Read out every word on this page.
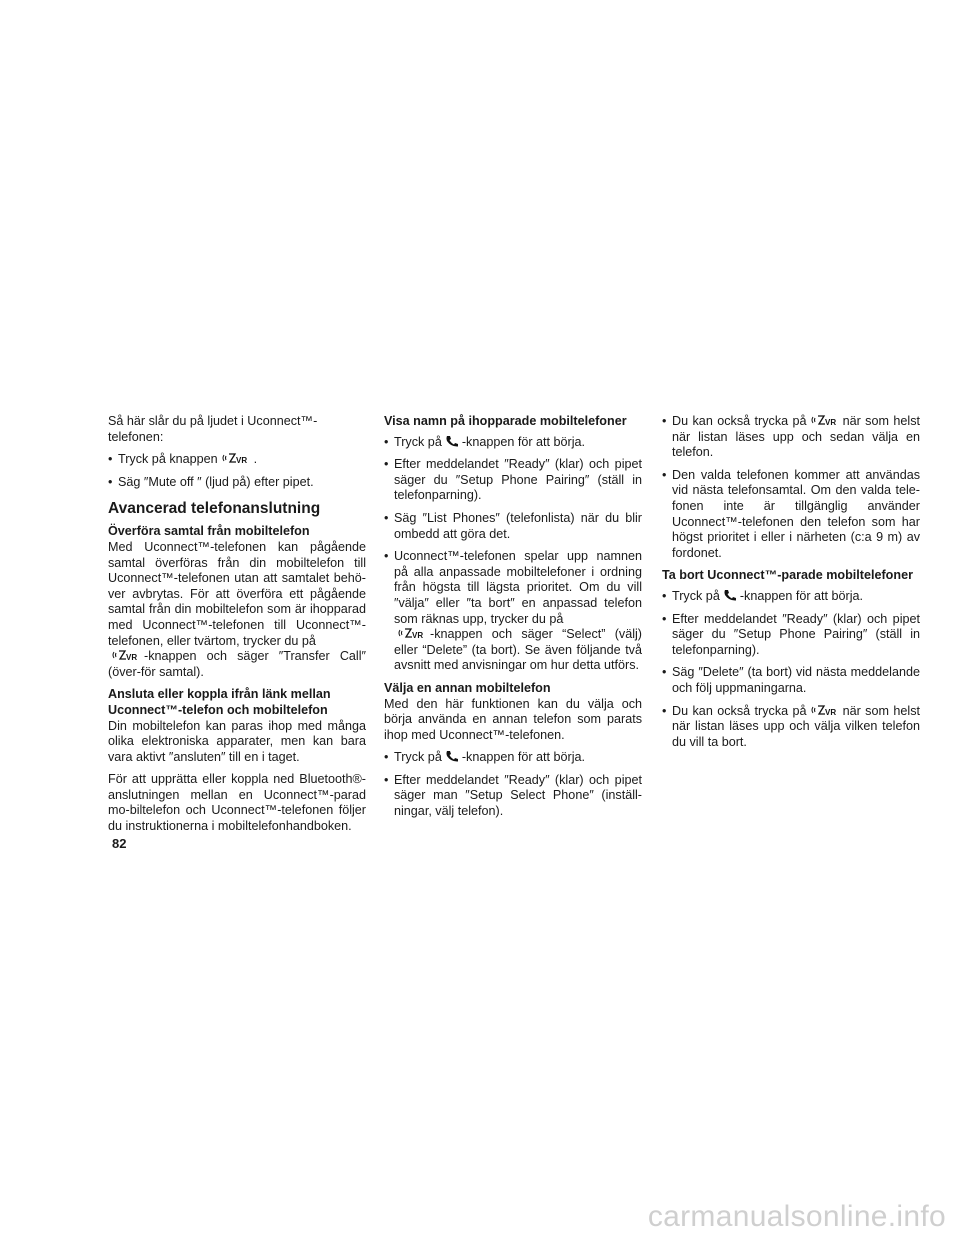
Så här slår du på ljudet i Uconnect™-telefonen:

• Tryck på knappen	.
• Säg ″Mute off ″ (ljud på) efter pipet.
Avancerad telefonanslutning
Överföra samtal från mobiltelefon

Med Uconnect™-telefonen kan pågående samtal överföras från din mobiltelefon till Uconnect™-telefonen utan att samtalet behö-ver avbrytas. För att överföra ett pågående samtal från din mobiltelefon som är ihopparad med Uconnect™-telefonen till Uconnect™-telefonen, eller tvärtom, trycker du på
-knappen och säger ″Transfer Call″ (över-för samtal).

Ansluta eller koppla ifrån länk mellan Uconnect™-telefon och mobiltelefon

Din mobiltelefon kan paras ihop med många olika elektroniska apparater, men kan bara vara aktivt ″ansluten″ till en i taget.

För att upprätta eller koppla ned Bluetooth®-anslutningen mellan en Uconnect™-parad mo-biltelefon och Uconnect™-telefonen följer du instruktionerna i mobiltelefonhandboken.

Visa namn på ihopparade mobiltelefoner
• Tryck på -knappen för att börja.
• Efter meddelandet ″Ready″ (klar) och pipet säger du ″Setup Phone Pairing″ (ställ in telefonparning).
• Säg ″List Phones″ (telefonlista) när du blir ombedd att göra det.
• Uconnect™-telefonen spelar upp namnen på alla anpassade mobiltelefoner i ordning från högsta till lägsta prioritet. Om du vill ″välja″ eller ″ta bort″ en anpassad telefon som räknas upp, trycker du på
-knappen och säger “Select” (välj) eller “Delete” (ta bort). Se även följande två avsnitt med anvisningar om hur detta utförs.
Välja en annan mobiltelefon

Med den här funktionen kan du välja och börja använda en annan telefon som parats ihop med Uconnect™-telefonen.

• Tryck på -knappen för att börja.
• Efter meddelandet ″Ready″ (klar) och pipet säger man ″Setup Select Phone″ (inställ-ningar, välj telefon).
• Du kan också trycka på	när som helst när listan läses upp och sedan välja en telefon.
• Den valda telefonen kommer att användas vid nästa telefonsamtal. Om den valda tele-fonen inte är tillgänglig använder Uconnect™-telefonen den telefon som har högst prioritet i eller i närheten (c:a 9 m) av fordonet.
Ta bort Uconnect™-parade mobiltelefoner
• Tryck på -knappen för att börja.
• Efter meddelandet ″Ready″ (klar) och pipet säger du ″Setup Phone Pairing″ (ställ in telefonparning).
• Säg ″Delete″ (ta bort) vid nästa meddelande och följ uppmaningarna.
• Du kan också trycka på	när som helst när listan läses upp och välja vilken telefon du vill ta bort.
82
carmanualsonline.info
